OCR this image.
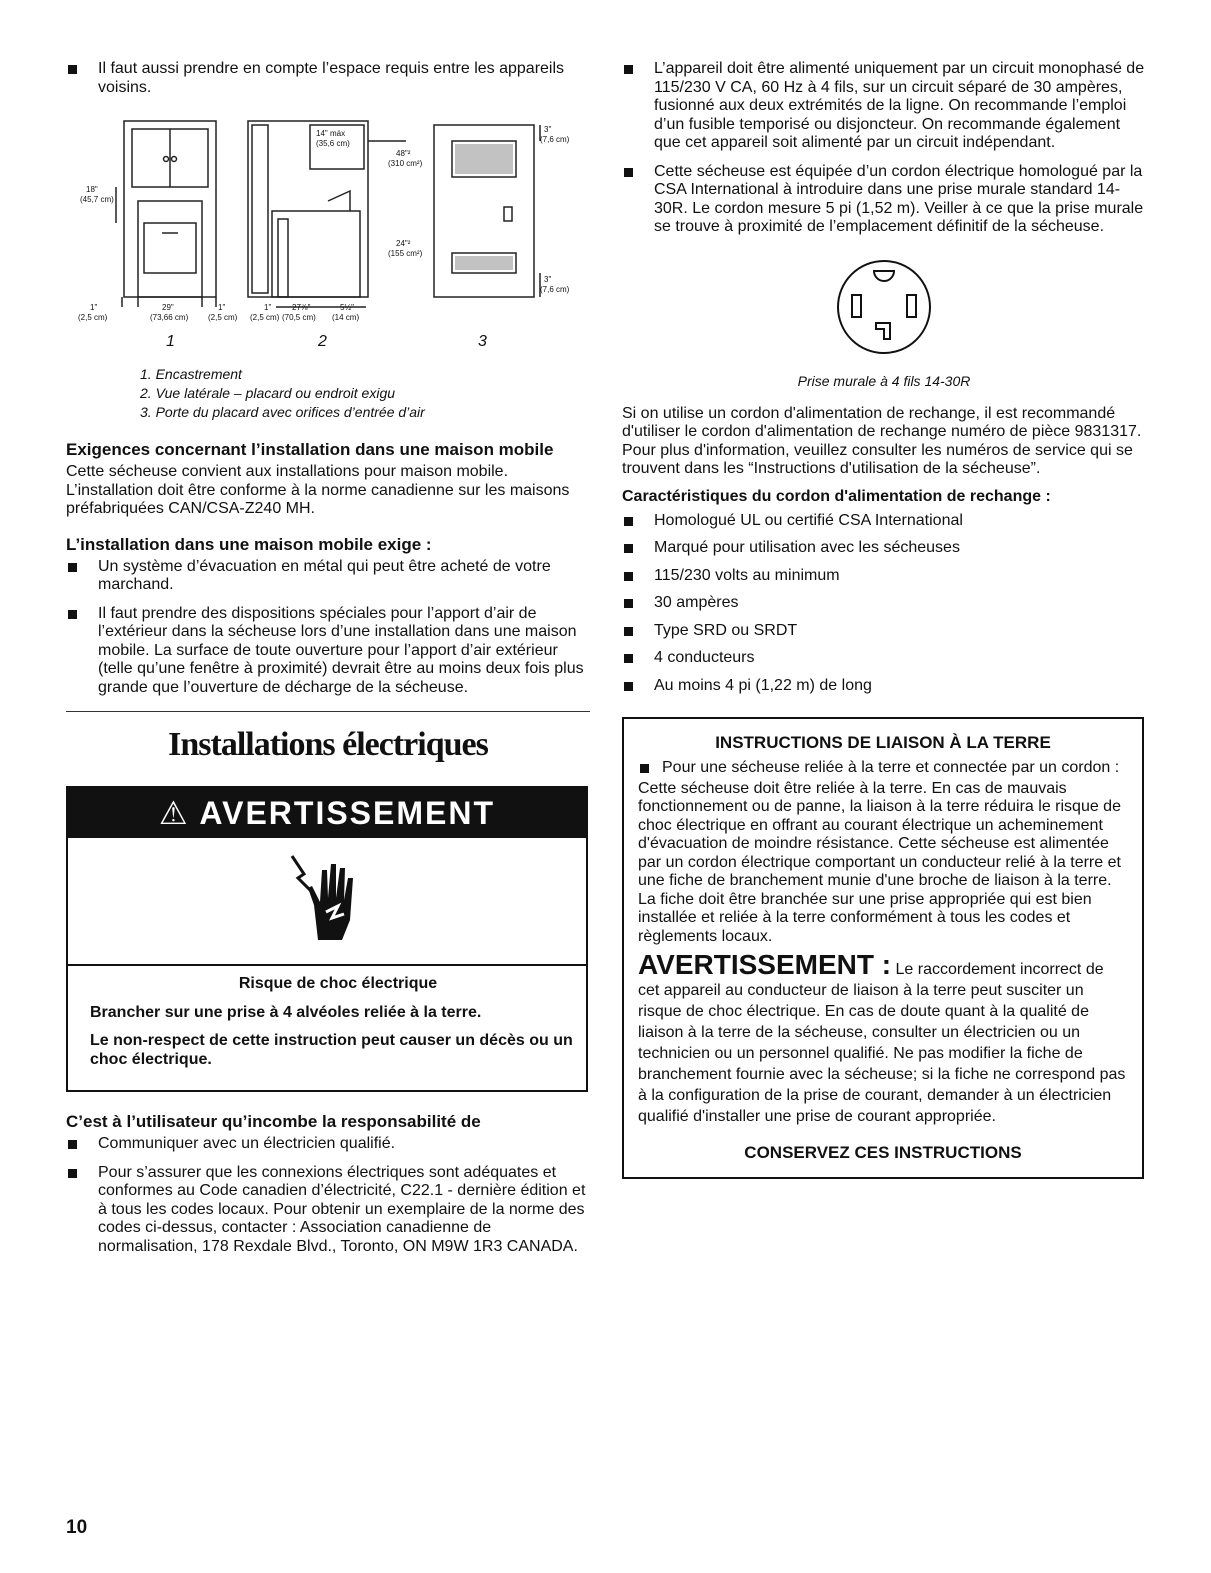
Il faut aussi prendre en compte l’espace requis entre les appareils voisins.

18"
(45,7 cm)
1"
(2,5 cm)
29"
(73,66 cm)
1"
(2,5 cm)
1"
(2,5 cm)
27⅞"
(70,5 cm)
5½"
(14 cm)
14" máx
(35,6 cm)
48"²
(310 cm²)
24"²
(155 cm²)
3"
(7,6 cm)
3"
(7,6 cm)
1	2	3

1. Encastrement

2. Vue latérale – placard ou endroit exigu

3. Porte du placard avec orifices d’entrée d’air

Exigences concernant l’installation dans une maison mobile

Cette sécheuse convient aux installations pour maison mobile. L’installation doit être conforme à la norme canadienne sur les maisons préfabriquées CAN/CSA-Z240 MH.

L’installation dans une maison mobile exige :

Un système d’évacuation en métal qui peut être acheté de votre marchand.

Il faut prendre des dispositions spéciales pour l’apport d’air de l’extérieur dans la sécheuse lors d’une installation dans une maison mobile. La surface de toute ouverture pour l’apport d’air extérieur (telle qu’une fenêtre à proximité) devrait être au moins deux fois plus grande que l’ouverture de décharge de la sécheuse.

Installations électriques
⚠ AVERTISSEMENT

Risque de choc électrique

Brancher sur une prise à 4 alvéoles reliée à la terre.

Le non-respect de cette instruction peut causer un décès ou un choc électrique.

C’est à l’utilisateur qu’incombe la responsabilité de

Communiquer avec un électricien qualifié.

Pour s’assurer que les connexions électriques sont adéquates et conformes au Code canadien d’électricité, C22.1 - dernière édition et à tous les codes locaux. Pour obtenir un exemplaire de la norme des codes ci-dessus, contacter : Association canadienne de normalisation, 178 Rexdale Blvd., Toronto, ON M9W 1R3 CANADA.

L’appareil doit être alimenté uniquement par un circuit monophasé de 115/230 V CA, 60 Hz à 4 fils, sur un circuit séparé de 30 ampères, fusionné aux deux extrémités de la ligne. On recommande l’emploi d’un fusible temporisé ou disjoncteur. On recommande également que cet appareil soit alimenté par un circuit indépendant.

Cette sécheuse est équipée d’un cordon électrique homologué par la CSA International à introduire dans une prise murale standard 14-30R. Le cordon mesure 5 pi (1,52 m). Veiller à ce que la prise murale se trouve à proximité de l’emplacement définitif de la sécheuse.

Prise murale à 4 fils 14-30R

Si on utilise un cordon d'alimentation de rechange, il est recommandé d'utiliser le cordon d'alimentation de rechange numéro de pièce 9831317. Pour plus d'information, veuillez consulter les numéros de service qui se trouvent dans les “Instructions d'utilisation de la sécheuse”.

Caractéristiques du cordon d'alimentation de rechange :

Homologué UL ou certifié CSA International

Marqué pour utilisation avec les sécheuses

115/230 volts au minimum

30 ampères

Type SRD ou SRDT

4 conducteurs

Au moins 4 pi (1,22 m) de long

INSTRUCTIONS DE LIAISON À LA TERRE

Pour une sécheuse reliée à la terre et connectée par un cordon :

Cette sécheuse doit être reliée à la terre. En cas de mauvais fonctionnement ou de panne, la liaison à la terre réduira le risque de choc électrique en offrant au courant électrique un acheminement d'évacuation de moindre résistance. Cette sécheuse est alimentée par un cordon électrique comportant un conducteur relié à la terre et une fiche de branchement munie d'une broche de liaison à la terre. La fiche doit être branchée sur une prise appropriée qui est bien installée et reliée à la terre conformément à tous les codes et règlements locaux.

AVERTISSEMENT : Le raccordement incorrect de cet appareil au conducteur de liaison à la terre peut susciter un risque de choc électrique. En cas de doute quant à la qualité de liaison à la terre de la sécheuse, consulter un électricien ou un technicien ou un personnel qualifié. Ne pas modifier la fiche de branchement fournie avec la sécheuse; si la fiche ne correspond pas à la configuration de la prise de courant, demander à un électricien qualifié d'installer une prise de courant appropriée.

CONSERVEZ CES INSTRUCTIONS

10
